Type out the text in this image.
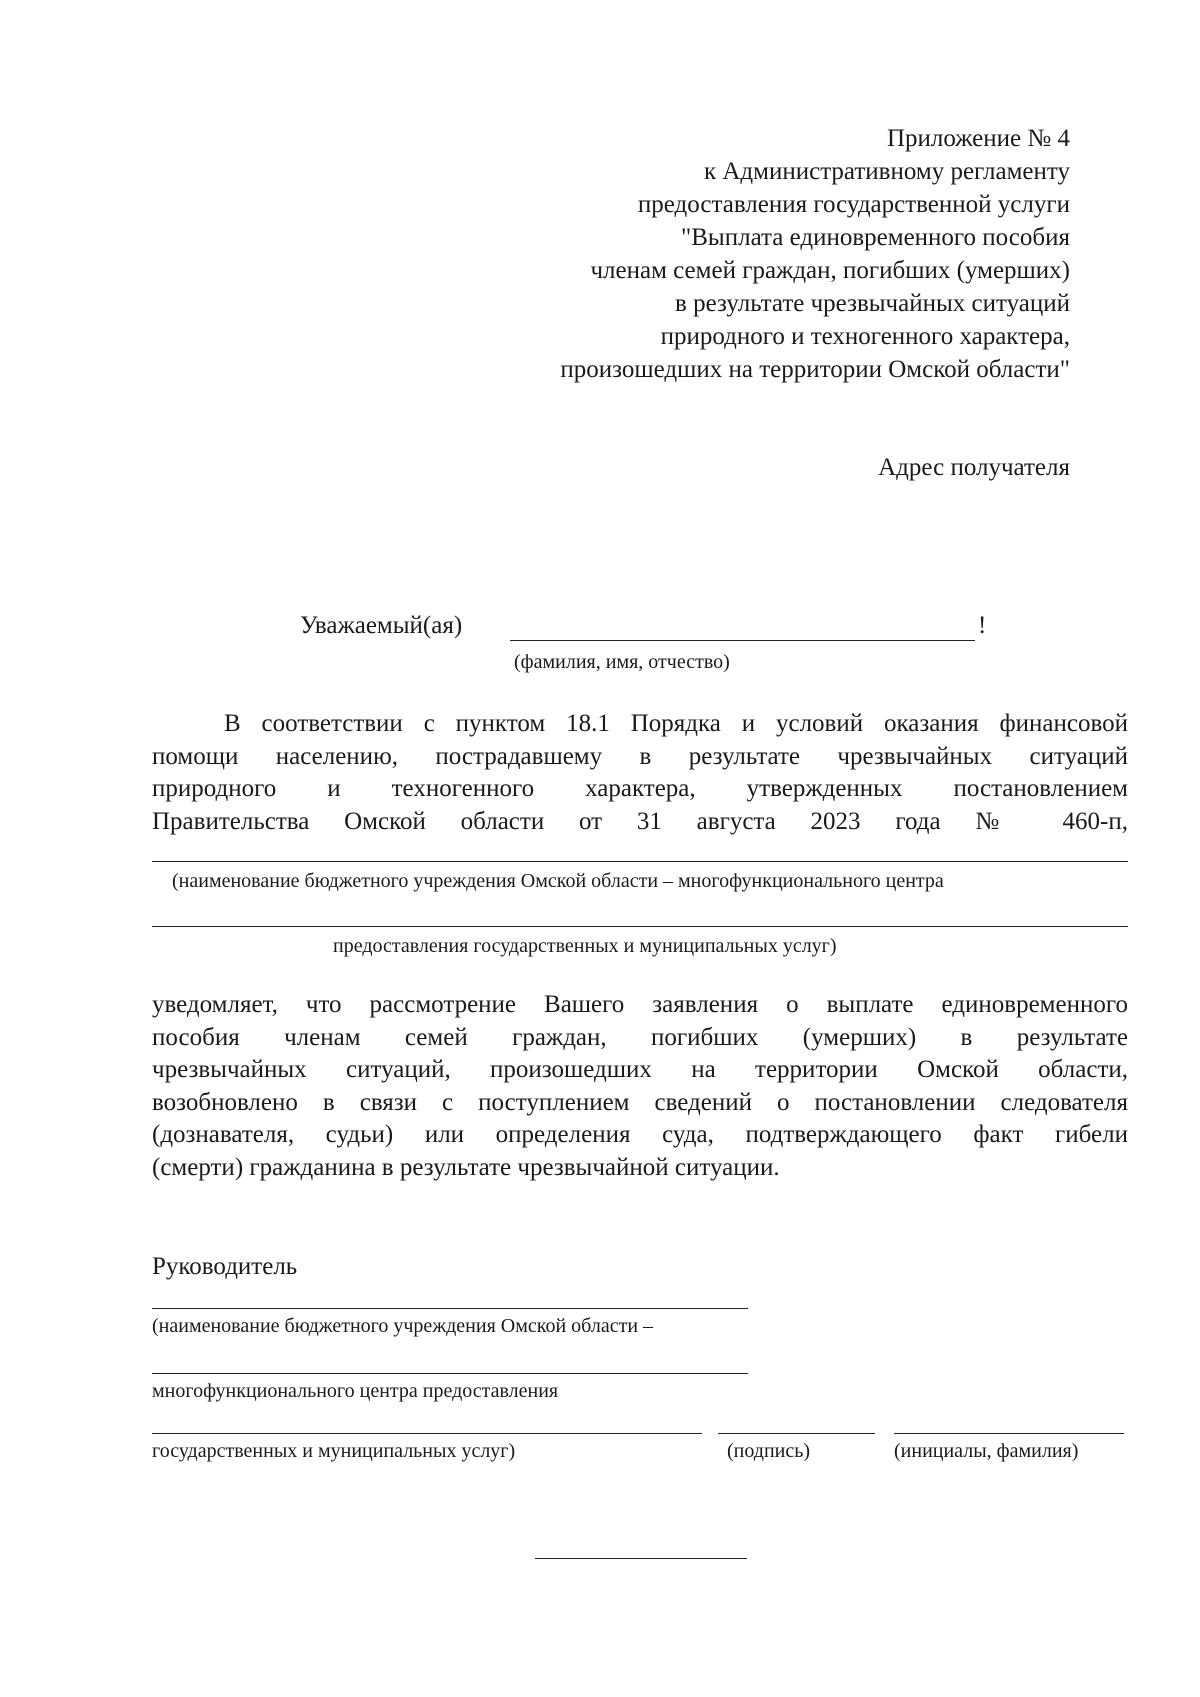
Приложение № 4
к Административному регламенту
предоставления государственной услуги
"Выплата единовременного пособия
членам семей граждан, погибших (умерших)
в результате чрезвычайных ситуаций
природного и техногенного характера,
произошедших на территории Омской области"
Адрес получателя
Уважаемый(ая)	!
(фамилия, имя, отчество)
В соответствии с пунктом 18.1 Порядка и условий оказания финансовой
помощи населению, пострадавшему в результате чрезвычайных ситуаций
природного и техногенного характера, утвержденных постановлением
Правительства Омской области от 31 августа 2023 года № 460-п,
(наименование бюджетного учреждения Омской области – многофункционального центра
предоставления государственных и муниципальных услуг)
уведомляет, что рассмотрение Вашего заявления о выплате единовременного
пособия членам семей граждан, погибших (умерших) в результате
чрезвычайных ситуаций, произошедших на территории Омской области,
возобновлено в связи с поступлением сведений о постановлении следователя
(дознавателя, судьи) или определения суда, подтверждающего факт гибели
(смерти) гражданина в результате чрезвычайной ситуации.
Руководитель
(наименование бюджетного учреждения Омской области –
многофункционального центра предоставления
государственных и муниципальных услуг)	(подпись)	(инициалы, фамилия)
